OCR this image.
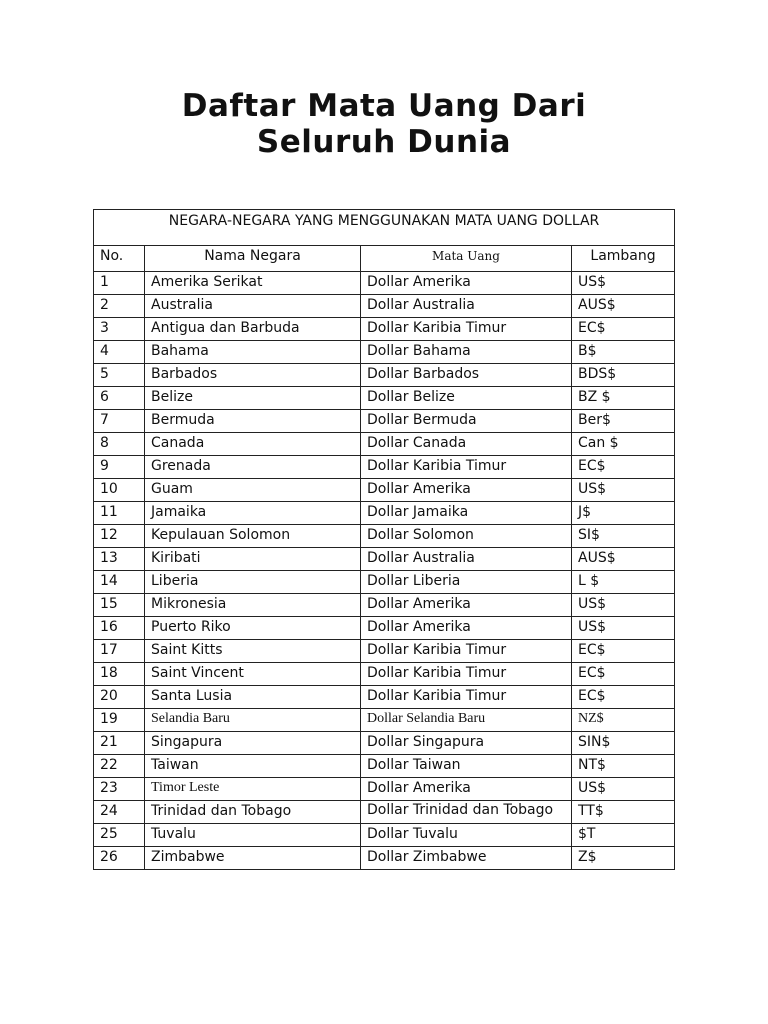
Daftar Mata Uang Dari
Seluruh Dunia
NEGARA-NEGARA YANG MENGGUNAKAN MATA UANG DOLLAR			
No.	Nama Negara	Mata Uang	Lambang
1	Amerika Serikat	Dollar Amerika	US$
2	Australia	Dollar Australia	AUS$
3	Antigua dan Barbuda	Dollar Karibia Timur	EC$
4	Bahama	Dollar Bahama	B$
5	Barbados	Dollar Barbados	BDS$
6	Belize	Dollar Belize	BZ $
7	Bermuda	Dollar Bermuda	Ber$
8	Canada	Dollar Canada	Can $
9	Grenada	Dollar Karibia Timur	EC$
10	Guam	Dollar Amerika	US$
11	Jamaika	Dollar Jamaika	J$
12	Kepulauan Solomon	Dollar Solomon	SI$
13	Kiribati	Dollar Australia	AUS$
14	Liberia	Dollar Liberia	L $
15	Mikronesia	Dollar Amerika	US$
16	Puerto Riko	Dollar Amerika	US$
17	Saint Kitts	Dollar Karibia Timur	EC$
18	Saint Vincent	Dollar Karibia Timur	EC$
20	Santa Lusia	Dollar Karibia Timur	EC$
19	Selandia Baru	Dollar Selandia Baru	NZ$
21	Singapura	Dollar Singapura	SIN$
22	Taiwan	Dollar Taiwan	NT$
23	Timor Leste	Dollar Amerika	US$
24	Trinidad dan Tobago	Dollar Trinidad dan Tobago	TT$
25	Tuvalu	Dollar Tuvalu	$T
26	Zimbabwe	Dollar Zimbabwe	Z$
